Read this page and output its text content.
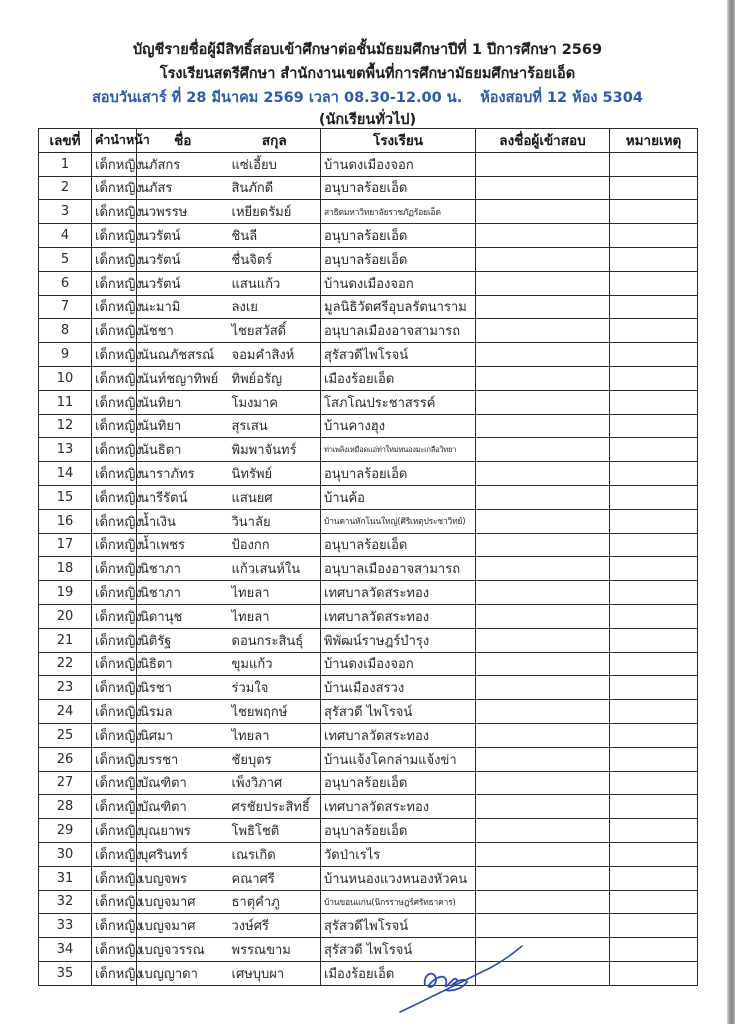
บัญชีรายชื่อผู้มีสิทธิ์สอบเข้าศึกษาต่อชั้นมัธยมศึกษาปีที่ 1 ปีการศึกษา 2569
โรงเรียนสตรีศึกษา สำนักงานเขตพื้นที่การศึกษามัธยมศึกษาร้อยเอ็ด
สอบวันเสาร์ ที่ 28 มีนาคม 2569 เวลา 08.30-12.00 น. ห้องสอบที่ 12 ห้อง 5304
(นักเรียนทั่วไป)
เลขที่	คำนำหน้า	ชื่อ	สกุล	โรงเรียน	ลงชื่อผู้เข้าสอบ	หมายเหตุ
1	เด็กหญิง	นภัสกร	แซ่เอี้ยบ	บ้านดงเมืองจอก		
2	เด็กหญิง	นภัสร	สินภักดี	อนุบาลร้อยเอ็ด		
3	เด็กหญิง	นวพรรษ	เหยียดรัมย์	สาธิตมหาวิทยาลัยราชภัฏร้อยเอ็ด		
4	เด็กหญิง	นวรัตน์	ชินลี	อนุบาลร้อยเอ็ด		
5	เด็กหญิง	นวรัตน์	ชื่นจิตร์	อนุบาลร้อยเอ็ด		
6	เด็กหญิง	นวรัตน์	แสนแก้ว	บ้านดงเมืองจอก		
7	เด็กหญิง	นะมามิ	ลงเย	มูลนิธิวัดศรีอุบลรัตนาราม		
8	เด็กหญิง	นัชชา	ไชยสวัสดิ์	อนุบาลเมืองอาจสามารถ		
9	เด็กหญิง	นันณภัชสรณ์	จอมคำสิงห์	สุรัสวดีไพโรจน์		
10	เด็กหญิง	นันท์ชญาทิพย์	ทิพย์อรัญ	เมืองร้อยเอ็ด		
11	เด็กหญิง	นันทิยา	โมงมาค	โสภโณประชาสรรค์		
12	เด็กหญิง	นันทิยา	สุรเสน	บ้านคางฮุง		
13	เด็กหญิง	นันธิตา	พิมพาจันทร์	ท่าเพลิงเหมือดแอ่ท่าใหม่หนองมะเกลือวิทยา		
14	เด็กหญิง	นาราภัทร	นิทรัพย์	อนุบาลร้อยเอ็ด		
15	เด็กหญิง	นารีรัตน์	แสนยศ	บ้านค้อ		
16	เด็กหญิง	น้ำเงิน	วินาลัย	บ้านคานหักโนนใหญ่(ศิริเหตุประชาวิทย์)		
17	เด็กหญิง	น้ำเพชร	ป้องกก	อนุบาลร้อยเอ็ด		
18	เด็กหญิง	นิชาภา	แก้วเสนห์ใน	อนุบาลเมืองอาจสามารถ		
19	เด็กหญิง	นิชาภา	ไทยลา	เทศบาลวัดสระทอง		
20	เด็กหญิง	นิดานุช	ไทยลา	เทศบาลวัดสระทอง		
21	เด็กหญิง	นิติรัฐ	ดอนกระสินธุ์	พิพัฒน์ราษฎร์บำรุง		
22	เด็กหญิง	นิธิตา	ขุมแก้ว	บ้านดงเมืองจอก		
23	เด็กหญิง	นิรชา	ร่วมใจ	บ้านเมืองสรวง		
24	เด็กหญิง	นิรมล	ไชยพฤกษ์	สุรัสวดี ไพโรจน์		
25	เด็กหญิง	นิศมา	ไทยลา	เทศบาลวัดสระทอง		
26	เด็กหญิง	บรรชา	ชัยบุตร	บ้านแจ้งโคกล่ามแจ้งข่า		
27	เด็กหญิง	บัณฑิตา	เพ็งวิภาศ	อนุบาลร้อยเอ็ด		
28	เด็กหญิง	บัณฑิตา	ศรชัยประสิทธิ์	เทศบาลวัดสระทอง		
29	เด็กหญิง	บุณยาพร	โพธิโชติ	อนุบาลร้อยเอ็ด		
30	เด็กหญิง	บุศรินทร์	เณรเกิด	วัดป่าเรไร		
31	เด็กหญิง	เบญจพร	คณาศรี	บ้านหนองแวงหนองหัวคน		
32	เด็กหญิง	เบญจมาศ	ธาตุคำภู	บ้านขอนแก่น(นิกรราษฎร์ศรัทธาคาร)		
33	เด็กหญิง	เบญจมาศ	วงษ์ศรี	สุรัสวดีไพโรจน์		
34	เด็กหญิง	เบญจวรรณ	พรรณขาม	สุรัสวดี ไพโรจน์		
35	เด็กหญิง	เบญญาดา	เศษบุบผา	เมืองร้อยเอ็ด		
